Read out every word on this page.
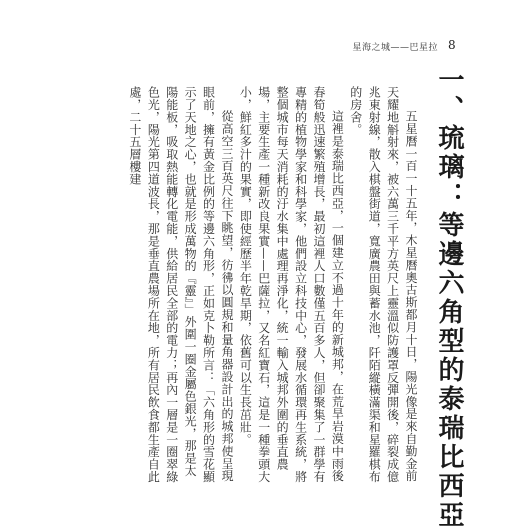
星海之城——巴星拉 8
一、琉璃：等邊六角型的泰瑞比西亞

五星曆一百一十五年，木星曆奧古斯都月十日，陽光像是來自勤金前天耀地斛射來，被六萬三千平方英尺上靈溫似防護罩反彈開後，碎裂成億兆東射線，散入棋盤街道，寬廣農田與蓄水池，阡陌縱橫滿渠和星羅棋布的房舍。

這裡是泰瑞比西亞，一個建立不過十年的新城邦，在荒旱岩漠中雨後春筍般迅速繁殖增長，最初這裡人口數僅五百多人，但卻聚集了一群學有專精的植物學家和科學家，他們設立科技中心，發展水循環再生系統，將整個城市每天消耗的汙水集中處理再淨化，統一輸入城邦外圍的垂直農場，主要生產一種新改良果實——巴薩拉，又名紅寶石，這是一種拳頭大小，鮮紅多汁的果實，即使經歷半年乾旱期，依舊可以生長茁壯。

從高空三百英尺往下眺望，彷彿以圓規和量角器設計出的城邦使呈現眼前，擁有黃金比例的等邊六角形，正如克卜勒所言：「六角形的雪花顯示了天地之心，也就是形成萬物的『靈』」外圍一圈金屬色銀光，那是太陽能板，吸取熱能轉化電能，供給居民全部的電力；再內一層是一圈翠綠色光，陽光第四道波長，那是垂直農場所在地，所有居民飲食都生產自此處，二十五層樓建
